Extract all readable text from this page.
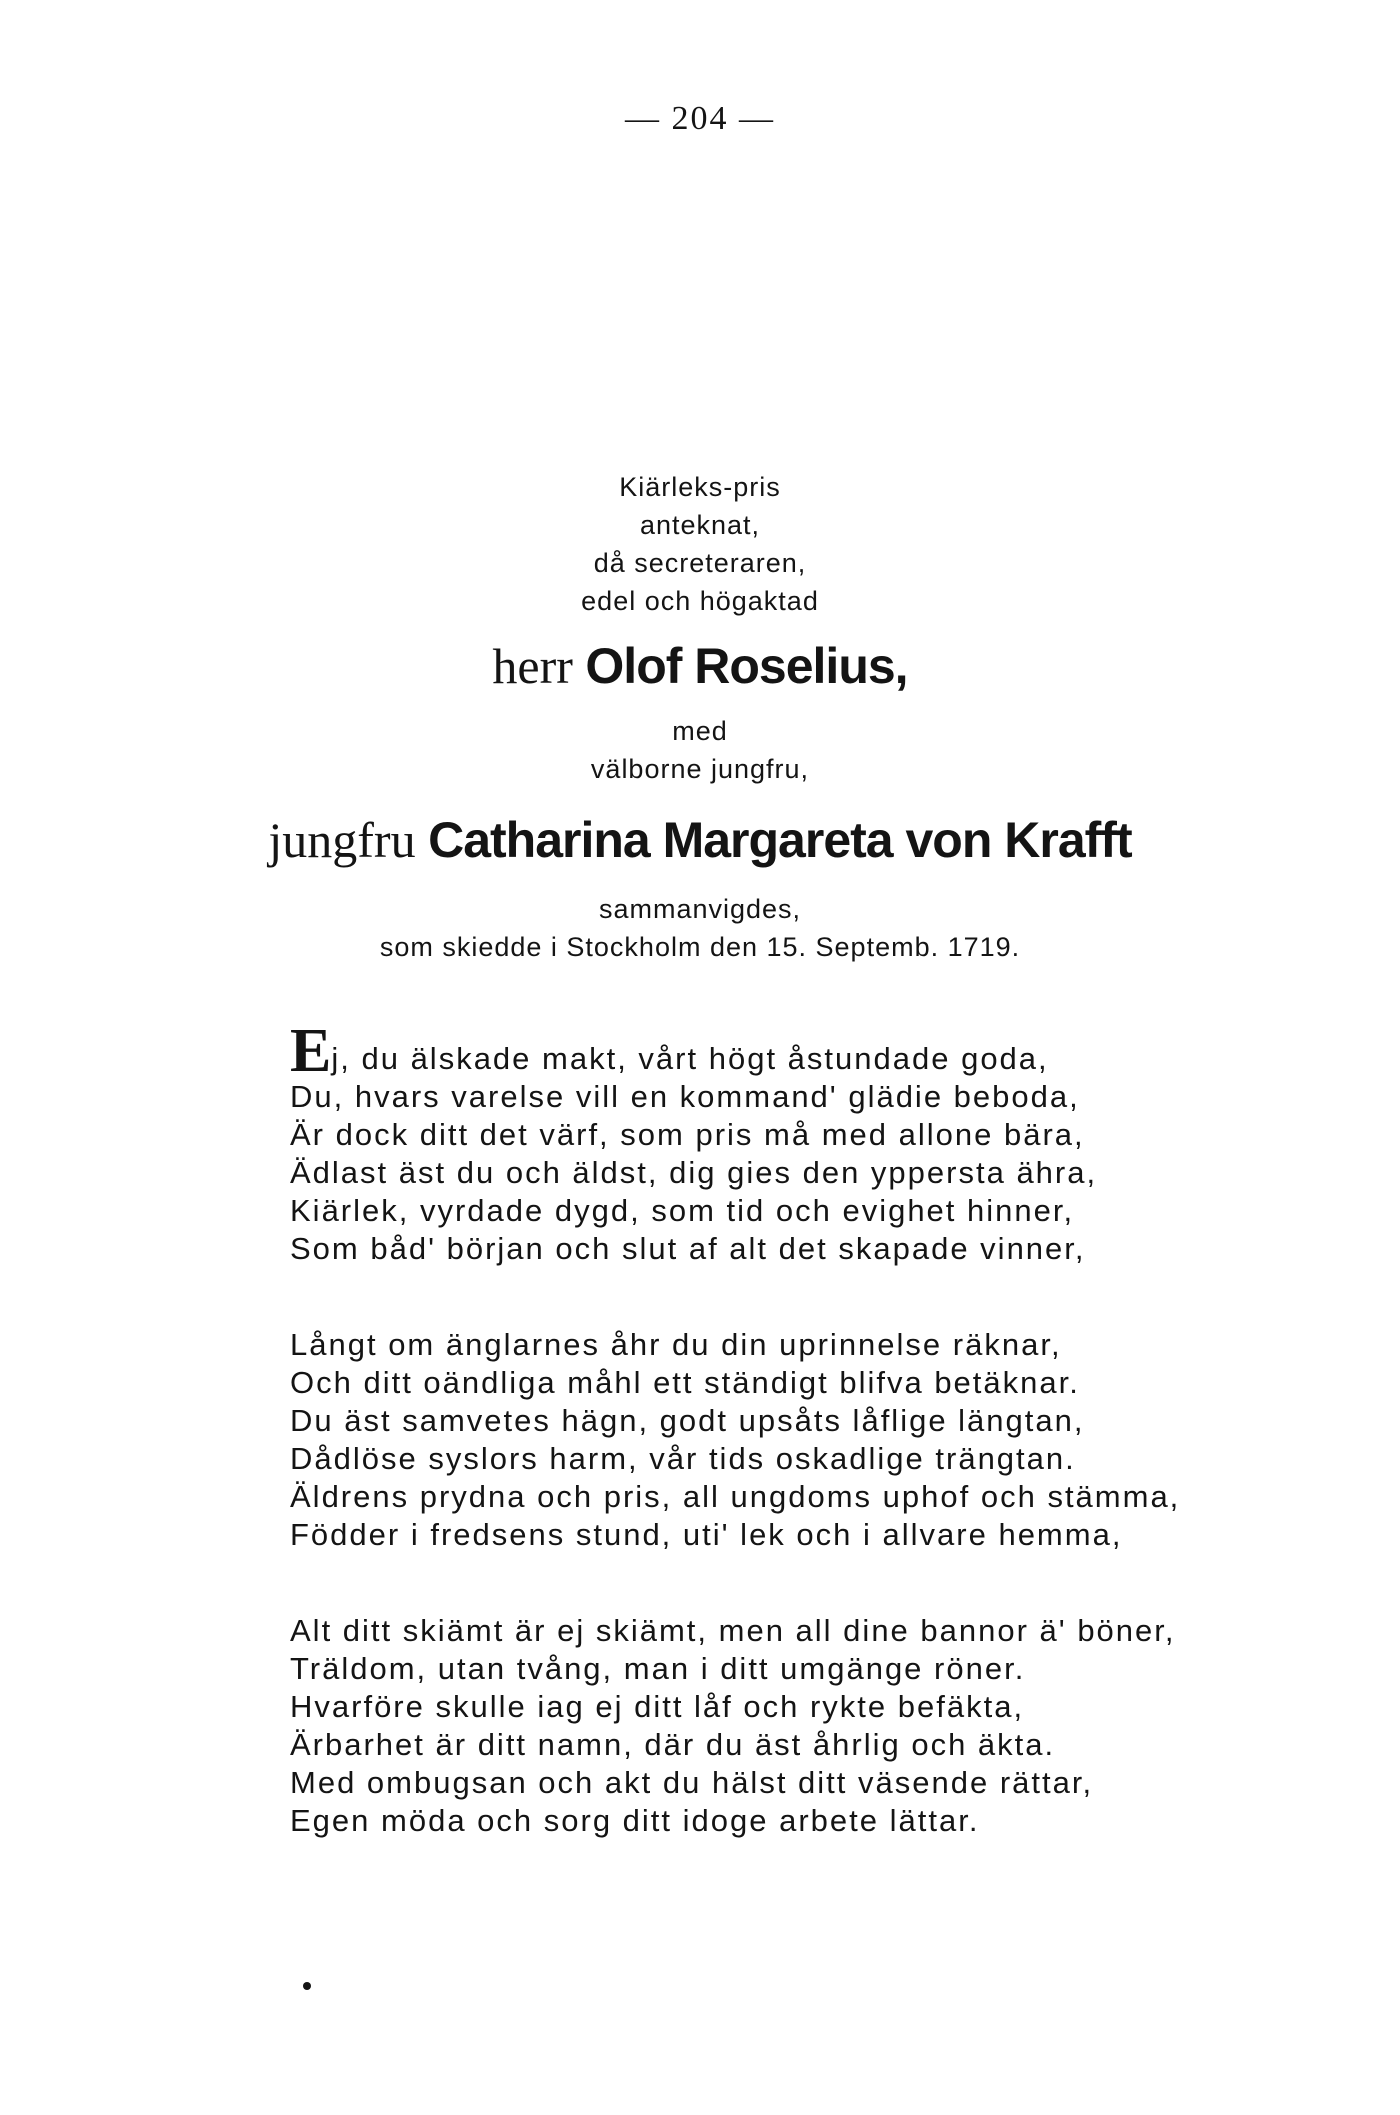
— 204 —
Kiärleks-pris
anteknat,
då secreteraren,
edel och högaktad
herr Olof Roselius,
med
välborne jungfru,
jungfru Catharina Margareta von Krafft
sammanvigdes,
som skiedde i Stockholm den 15. Septemb. 1719.
Ej, du älskade makt, vårt högt åstundade goda,
Du, hvars varelse vill en kommand' glädie beboda,
Är dock ditt det värf, som pris må med allone bära,
Ädlast äst du och äldst, dig gies den yppersta ähra,
Kiärlek, vyrdade dygd, som tid och evighet hinner,
Som båd' början och slut af alt det skapade vinner,
Långt om änglarnes åhr du din uprinnelse räknar,
Och ditt oändliga måhl ett ständigt blifva betäknar.
Du äst samvetes hägn, godt upsåts låflige längtan,
Dådlöse syslors harm, vår tids oskadlige trängtan.
Äldrens prydna och pris, all ungdoms uphof och stämma,
Födder i fredsens stund, uti' lek och i allvare hemma,
Alt ditt skiämt är ej skiämt, men all dine bannor ä' böner,
Träldom, utan tvång, man i ditt umgänge röner.
Hvarföre skulle iag ej ditt låf och rykte befäkta,
Ärbarhet är ditt namn, där du äst åhrlig och äkta.
Med ombugsan och akt du hälst ditt väsende rättar,
Egen möda och sorg ditt idoge arbete lättar.
